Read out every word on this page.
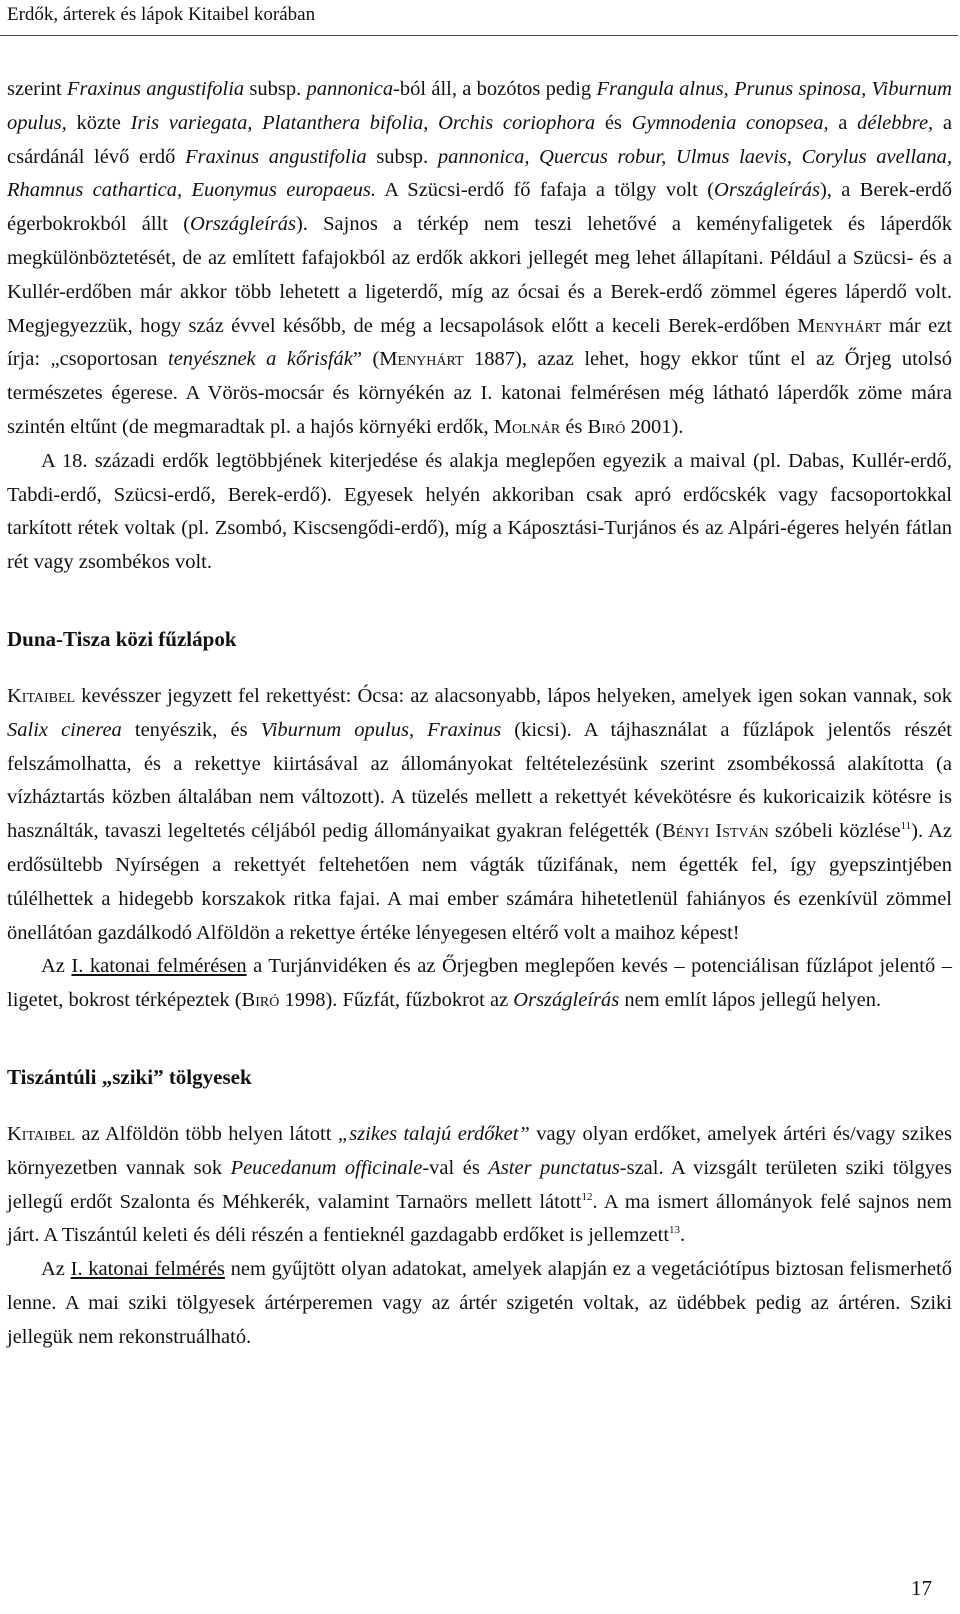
Erdők, árterek és lápok Kitaibel korában

szerint Fraxinus angustifolia subsp. pannonica-ból áll, a bozótos pedig Frangula alnus, Prunus spinosa, Viburnum opulus, közte Iris variegata, Platanthera bifolia, Orchis coriophora és Gymnodenia conopsea, a délebbre, a csárdánál lévő erdő Fraxinus angustifolia subsp. pannonica, Quercus robur, Ulmus laevis, Corylus avellana, Rhamnus cathartica, Euonymus europaeus. A Szücsi-erdő fő fafaja a tölgy volt (Országleírás), a Berek-erdő égerbokrokból állt (Országleírás). Sajnos a térkép nem teszi lehetővé a keményfaligetek és láperdők megkülönböztetését, de az említett fafajokból az erdők akkori jellegét meg lehet állapítani. Például a Szücsi- és a Kullér-erdőben már akkor több lehetett a ligeterdő, míg az ócsai és a Berek-erdő zömmel égeres láperdő volt. Megjegyezzük, hogy száz évvel később, de még a lecsapolások előtt a keceli Berek-erdőben Menyhárt már ezt írja: „csoportosan tenyésznek a kőrisfák” (Menyhárt 1887), azaz lehet, hogy ekkor tűnt el az Őrjeg utolsó természetes égerese. A Vörös-mocsár és környékén az I. katonai felmérésen még látható láperdők zöme mára szintén eltűnt (de megmaradtak pl. a hajós környéki erdők, Molnár és Biró 2001).

A 18. századi erdők legtöbbjének kiterjedése és alakja meglepően egyezik a maival (pl. Dabas, Kullér-erdő, Tabdi-erdő, Szücsi-erdő, Berek-erdő). Egyesek helyén akkoriban csak apró erdőcskék vagy facsoportokkal tarkított rétek voltak (pl. Zsombó, Kiscsengődi-erdő), míg a Káposztási-Turjános és az Alpári-égeres helyén fátlan rét vagy zsombékos volt.

Duna-Tisza közi fűzlápok

Kitaibel kevésszer jegyzett fel rekettyést: Ócsa: az alacsonyabb, lápos helyeken, amelyek igen sokan vannak, sok Salix cinerea tenyészik, és Viburnum opulus, Fraxinus (kicsi). A tájhasználat a fűzlápok jelentős részét felszámolhatta, és a rekettye kiirtásával az állományokat feltételezésünk szerint zsombékossá alakította (a vízháztartás közben általában nem változott). A tüzelés mellett a rekettyét kévekötésre és kukoricaizik kötésre is használták, tavaszi legeltetés céljából pedig állományaikat gyakran felégették (Bényi István szóbeli közlése$^{11}$). Az erdősültebb Nyírségen a rekettyét feltehetően nem vágták tűzifának, nem égették fel, így gyepszintjében túlélhettek a hidegebb korszakok ritka fajai. A mai ember számára hihetetlenül fahiányos és ezenkívül zömmel önellátóan gazdálkodó Alföldön a rekettye értéke lényegesen eltérő volt a maihoz képest!

Az I. katonai felmérésen a Turjánvidéken és az Őrjegben meglepően kevés – potenciálisan fűzlápot jelentő – ligetet, bokrost térképeztek (Biró 1998). Fűzfát, fűzbokrot az Országleírás nem említ lápos jellegű helyen.

Tiszántúli „sziki” tölgyesek

Kitaibel az Alföldön több helyen látott „szikes talajú erdőket” vagy olyan erdőket, amelyek ártéri és/vagy szikes környezetben vannak sok Peucedanum officinale-val és Aster punctatus-szal. A vizsgált területen sziki tölgyes jellegű erdőt Szalonta és Méhkerék, valamint Tarnaörs mellett látott$^{12}$. A ma ismert állományok felé sajnos nem járt. A Tiszántúl keleti és déli részén a fentieknél gazdagabb erdőket is jellemzett$^{13}$.

Az I. katonai felmérés nem gyűjtött olyan adatokat, amelyek alapján ez a vegetációtípus biztosan felismerhető lenne. A mai sziki tölgyesek ártérperemen vagy az ártér szigetén voltak, az üdébbek pedig az ártéren. Sziki jellegük nem rekonstruálható.

17
